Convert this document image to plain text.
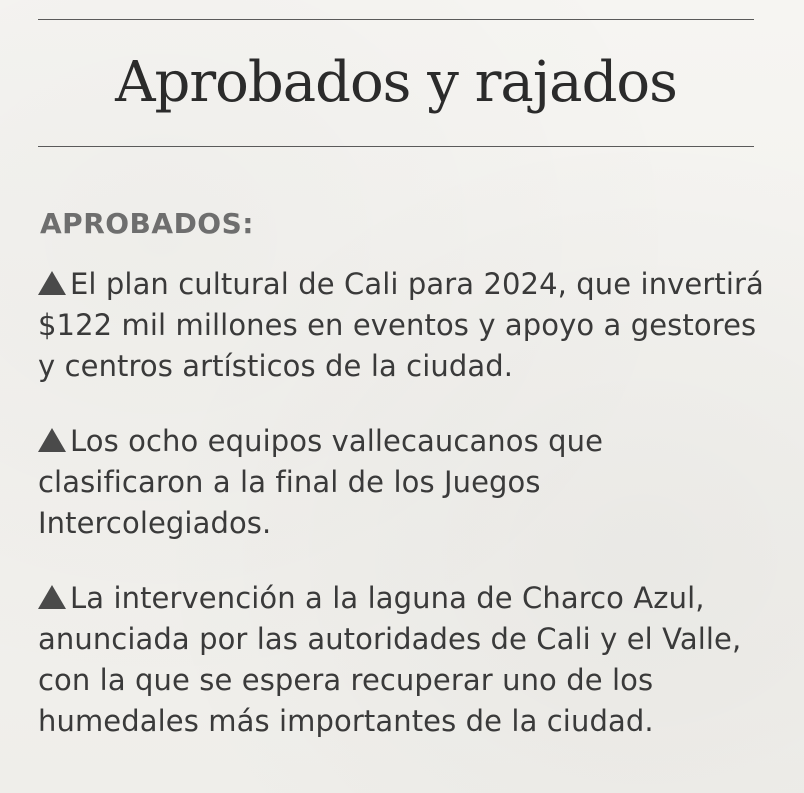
Aprobados y rajados

APROBADOS:

El plan cultural de Cali para 2024, que invertirá $122 mil millones en eventos y apoyo a gestores y centros artísticos de la ciudad.
Los ocho equipos vallecaucanos que clasificaron a la final de los Juegos Intercolegiados.
La intervención a la laguna de Charco Azul, anunciada por las autoridades de Cali y el Valle, con la que se espera recuperar uno de los humedales más importantes de la ciudad.
